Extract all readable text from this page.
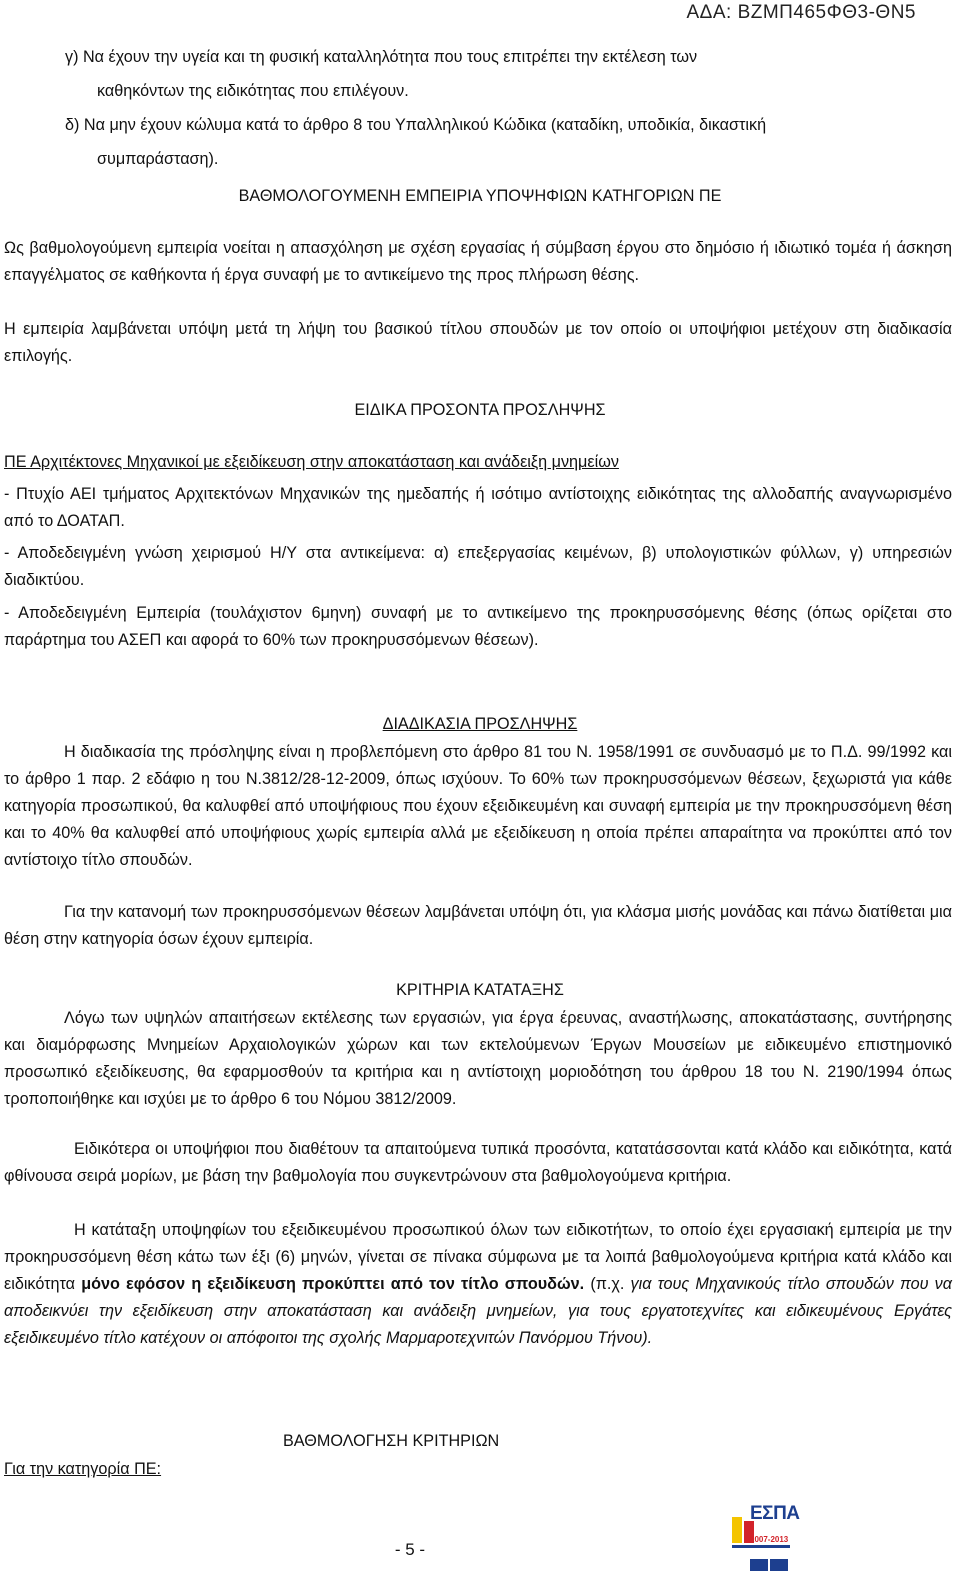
ΑΔΑ: ΒΖΜΠ465ΦΘ3-ΘΝ5

γ) Να έχουν την υγεία και τη φυσική καταλληλότητα που τους επιτρέπει την εκτέλεση των

καθηκόντων της ειδικότητας που επιλέγουν.

δ) Να μην έχουν κώλυμα κατά το άρθρο 8 του Υπαλληλικού Κώδικα (καταδίκη, υποδικία, δικαστική

συμπαράσταση).

ΒΑΘΜΟΛΟΓΟΥΜΕΝΗ ΕΜΠΕΙΡΙΑ ΥΠΟΨΗΦΙΩΝ ΚΑΤΗΓΟΡΙΩΝ ΠΕ

Ως βαθμολογούμενη εμπειρία νοείται η απασχόληση με σχέση εργασίας ή σύμβαση έργου στο δημόσιο ή ιδιωτικό τομέα ή άσκηση επαγγέλματος σε καθήκοντα ή έργα συναφή με το αντικείμενο της προς πλήρωση θέσης.

Η εμπειρία λαμβάνεται υπόψη μετά τη λήψη του βασικού τίτλου σπουδών με τον οποίο οι υποψήφιοι μετέχουν στη διαδικασία επιλογής.

ΕΙΔΙΚΑ ΠΡΟΣΟΝΤΑ ΠΡΟΣΛΗΨΗΣ

ΠΕ Αρχιτέκτονες Μηχανικοί με εξειδίκευση στην αποκατάσταση και ανάδειξη μνημείων

- Πτυχίο ΑΕΙ τμήματος Αρχιτεκτόνων Μηχανικών της ημεδαπής ή ισότιμο αντίστοιχης ειδικότητας της αλλοδαπής αναγνωρισμένο από το ΔΟΑΤΑΠ.

- Αποδεδειγμένη γνώση χειρισμού Η/Υ στα αντικείμενα: α) επεξεργασίας κειμένων, β) υπολογιστικών φύλλων, γ) υπηρεσιών διαδικτύου.

- Αποδεδειγμένη Εμπειρία (τουλάχιστον 6μηνη) συναφή με το αντικείμενο της προκηρυσσόμενης θέσης (όπως ορίζεται στο παράρτημα του ΑΣΕΠ και αφορά το 60% των προκηρυσσόμενων θέσεων).

ΔΙΑΔΙΚΑΣΙΑ ΠΡΟΣΛΗΨΗΣ

Η διαδικασία της πρόσληψης είναι η προβλεπόμενη στο άρθρο 81 του Ν. 1958/1991 σε συνδυασμό με το Π.Δ. 99/1992 και το άρθρο 1 παρ. 2 εδάφιο η του Ν.3812/28-12-2009, όπως ισχύουν. Το 60% των προκηρυσσόμενων θέσεων, ξεχωριστά για κάθε κατηγορία προσωπικού, θα καλυφθεί από υποψήφιους που έχουν εξειδικευμένη και συναφή εμπειρία με την προκηρυσσόμενη θέση και το 40% θα καλυφθεί από υποψήφιους χωρίς εμπειρία αλλά με εξειδίκευση η οποία πρέπει απαραίτητα να προκύπτει από τον αντίστοιχο τίτλο σπουδών.

Για την κατανομή των προκηρυσσόμενων θέσεων λαμβάνεται υπόψη ότι, για κλάσμα μισής μονάδας και πάνω διατίθεται μια θέση στην κατηγορία όσων έχουν εμπειρία.

ΚΡΙΤΗΡΙΑ ΚΑΤΑΤΑΞΗΣ

Λόγω των υψηλών απαιτήσεων εκτέλεσης των εργασιών, για έργα έρευνας, αναστήλωσης, αποκατάστασης, συντήρησης και διαμόρφωσης Μνημείων Αρχαιολογικών χώρων και των εκτελούμενων Έργων Μουσείων με ειδικευμένο επιστημονικό προσωπικό εξειδίκευσης, θα εφαρμοσθούν τα κριτήρια και η αντίστοιχη μοριοδότηση του άρθρου 18 του Ν. 2190/1994 όπως τροποποιήθηκε και ισχύει με το άρθρο 6 του Νόμου 3812/2009.

Ειδικότερα οι υποψήφιοι που διαθέτουν τα απαιτούμενα τυπικά προσόντα, κατατάσσονται κατά κλάδο και ειδικότητα, κατά φθίνουσα σειρά μορίων, με βάση την βαθμολογία που συγκεντρώνουν στα βαθμολογούμενα κριτήρια.

Η κατάταξη υποψηφίων του εξειδικευμένου προσωπικού όλων των ειδικοτήτων, το οποίο έχει εργασιακή εμπειρία με την προκηρυσσόμενη θέση κάτω των έξι (6) μηνών, γίνεται σε πίνακα σύμφωνα με τα λοιπά βαθμολογούμενα κριτήρια κατά κλάδο και ειδικότητα μόνο εφόσον η εξειδίκευση προκύπτει από τον τίτλο σπουδών. (π.χ. για τους Μηχανικούς τίτλο σπουδών που να αποδεικνύει την εξειδίκευση στην αποκατάσταση και ανάδειξη μνημείων, για τους εργατοτεχνίτες και ειδικευμένους Εργάτες εξειδικευμένο τίτλο κατέχουν οι απόφοιτοι της σχολής Μαρμαροτεχνιτών Πανόρμου Τήνου).

ΒΑΘΜΟΛΟΓΗΣΗ ΚΡΙΤΗΡΙΩΝ
Για την κατηγορία ΠΕ:
ΕΣΠΑ
2007-2013
- 5 -
